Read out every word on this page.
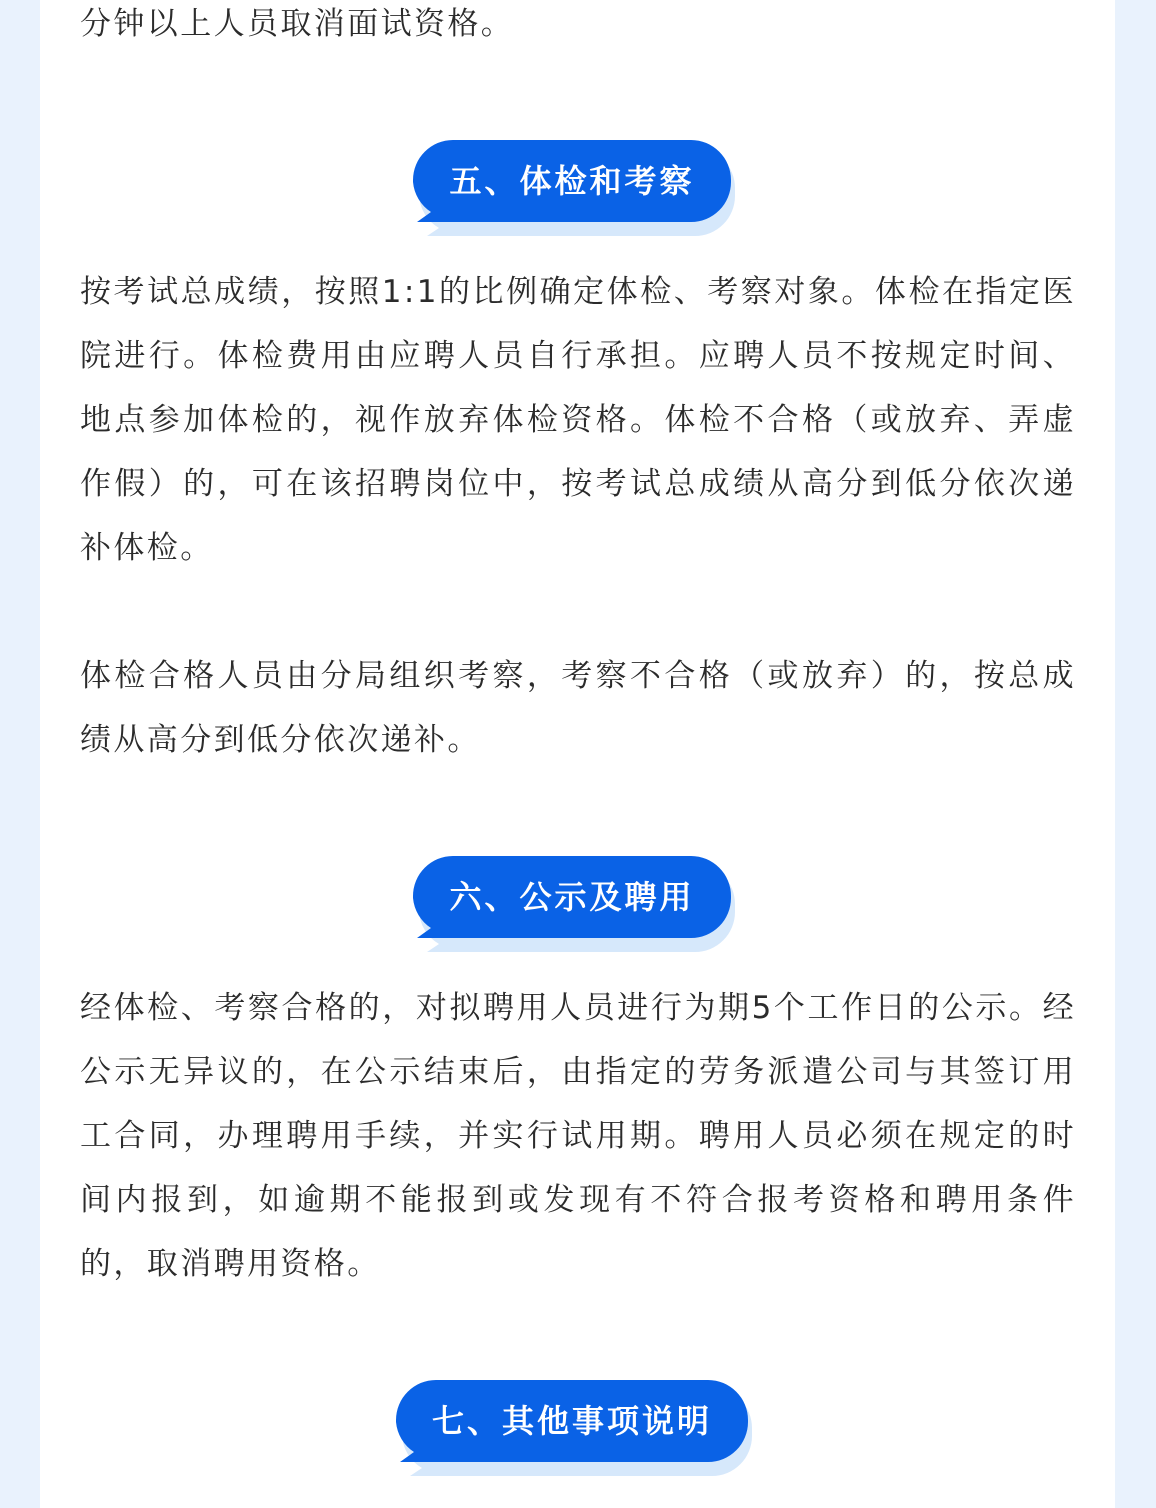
分钟以上人员取消面试资格。

五、体检和考察

按考试总成绩，按照1:1的比例确定体检、考察对象。体检在指定医院进行。体检费用由应聘人员自行承担。应聘人员不按规定时间、地点参加体检的，视作放弃体检资格。体检不合格（或放弃、弄虚作假）的，可在该招聘岗位中，按考试总成绩从高分到低分依次递补体检。

体检合格人员由分局组织考察，考察不合格（或放弃）的，按总成绩从高分到低分依次递补。

六、公示及聘用

经体检、考察合格的，对拟聘用人员进行为期5个工作日的公示。经公示无异议的，在公示结束后，由指定的劳务派遣公司与其签订用工合同，办理聘用手续，并实行试用期。聘用人员必须在规定的时间内报到，如逾期不能报到或发现有不符合报考资格和聘用条件的，取消聘用资格。

七、其他事项说明
